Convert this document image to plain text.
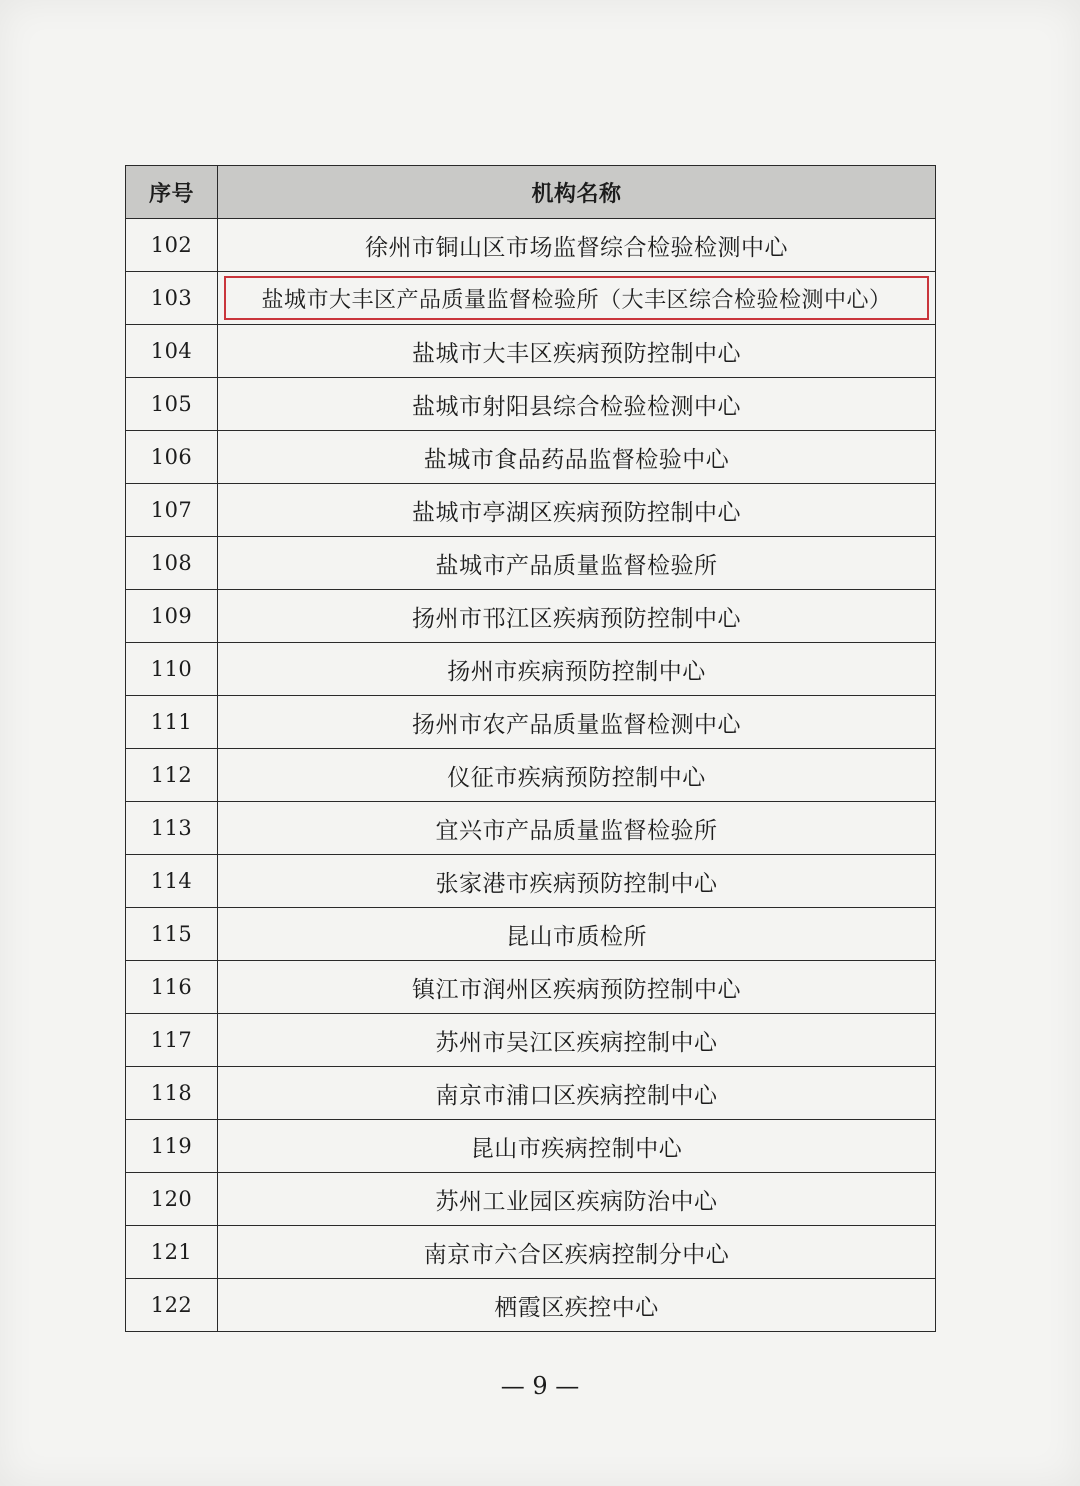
序号	机构名称
102	徐州市铜山区市场监督综合检验检测中心
103	盐城市大丰区产品质量监督检验所（大丰区综合检验检测中心）

104	盐城市大丰区疾病预防控制中心
105	盐城市射阳县综合检验检测中心
106	盐城市食品药品监督检验中心
107	盐城市亭湖区疾病预防控制中心
108	盐城市产品质量监督检验所
109	扬州市邗江区疾病预防控制中心
110	扬州市疾病预防控制中心
111	扬州市农产品质量监督检测中心
112	仪征市疾病预防控制中心
113	宜兴市产品质量监督检验所
114	张家港市疾病预防控制中心
115	昆山市质检所
116	镇江市润州区疾病预防控制中心
117	苏州市吴江区疾病控制中心
118	南京市浦口区疾病控制中心
119	昆山市疾病控制中心
120	苏州工业园区疾病防治中心
121	南京市六合区疾病控制分中心
122	栖霞区疾控中心
— 9 —
